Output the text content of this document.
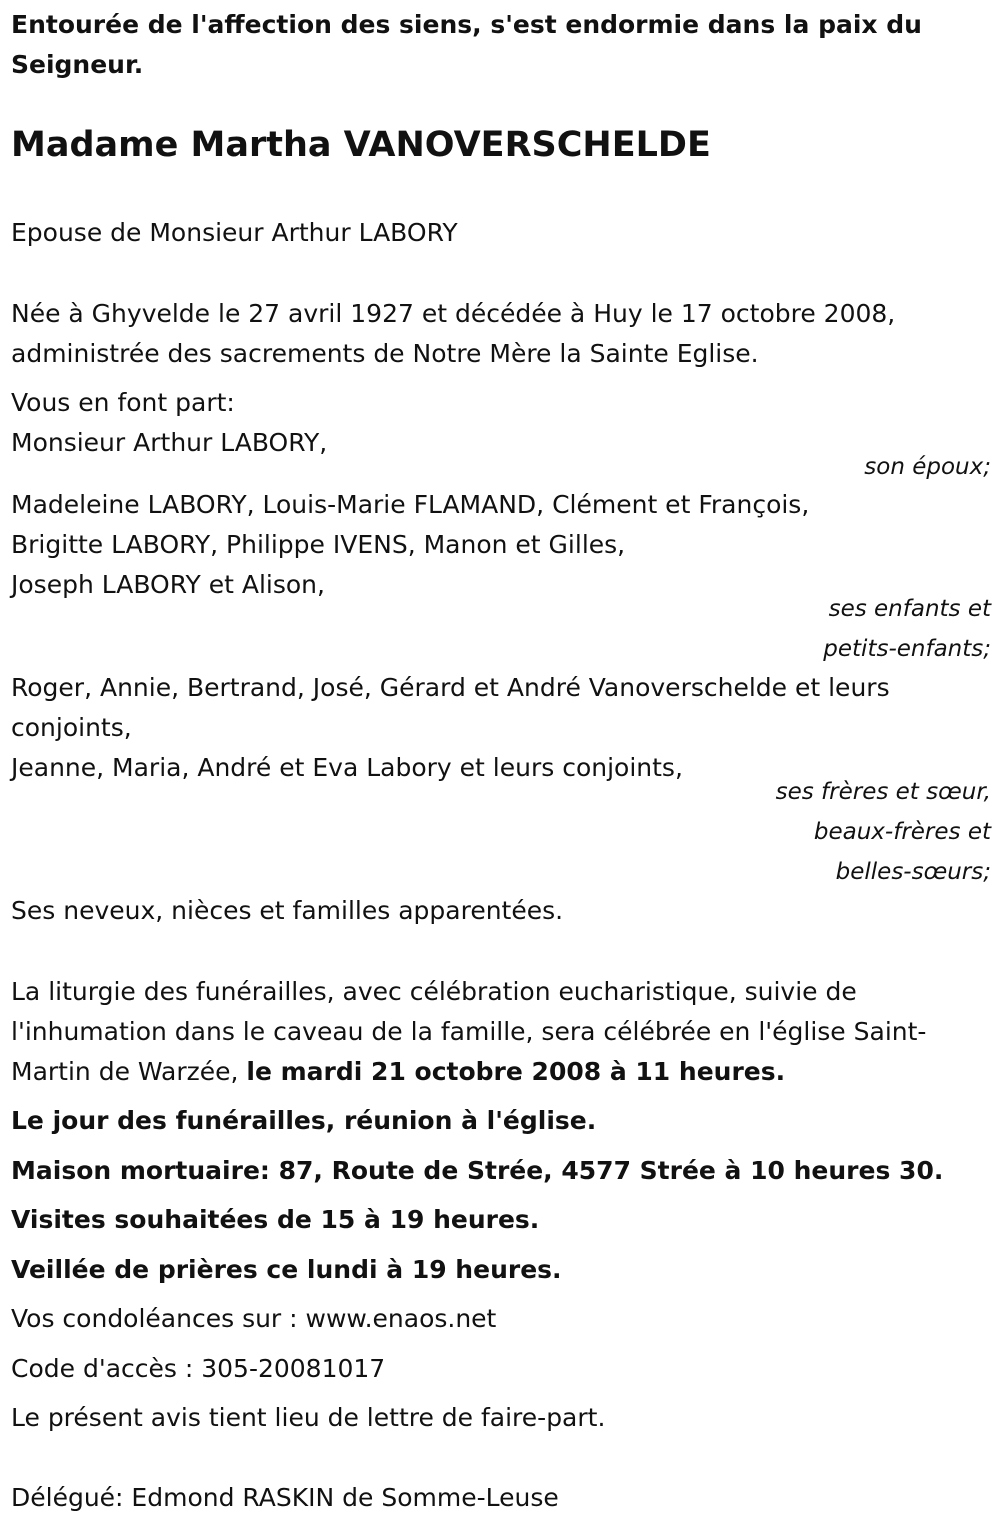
Entourée de l'affection des siens, s'est endormie dans la paix du
Seigneur.
Madame Martha VANOVERSCHELDE
Epouse de Monsieur Arthur LABORY
Née à Ghyvelde le 27 avril 1927 et décédée à Huy le 17 octobre 2008,
administrée des sacrements de Notre Mère la Sainte Eglise.
Vous en font part:
Monsieur Arthur LABORY,
son époux;
Madeleine LABORY, Louis-Marie FLAMAND, Clément et François,
Brigitte LABORY, Philippe IVENS, Manon et Gilles,
Joseph LABORY et Alison,
ses enfants et
petits-enfants;
Roger, Annie, Bertrand, José, Gérard et André Vanoverschelde et leurs
conjoints,
Jeanne, Maria, André et Eva Labory et leurs conjoints,
ses frères et sœur,
beaux-frères et
belles-sœurs;
Ses neveux, nièces et familles apparentées.
La liturgie des funérailles, avec célébration eucharistique, suivie de
l'inhumation dans le caveau de la famille, sera célébrée en l'église Saint-
Martin de Warzée, le mardi 21 octobre 2008 à 11 heures.
Le jour des funérailles, réunion à l'église.
Maison mortuaire: 87, Route de Strée, 4577 Strée à 10 heures 30.
Visites souhaitées de 15 à 19 heures.
Veillée de prières ce lundi à 19 heures.
Vos condoléances sur : www.enaos.net
Code d'accès : 305-20081017
Le présent avis tient lieu de lettre de faire-part.
Délégué: Edmond RASKIN de Somme-Leuse
